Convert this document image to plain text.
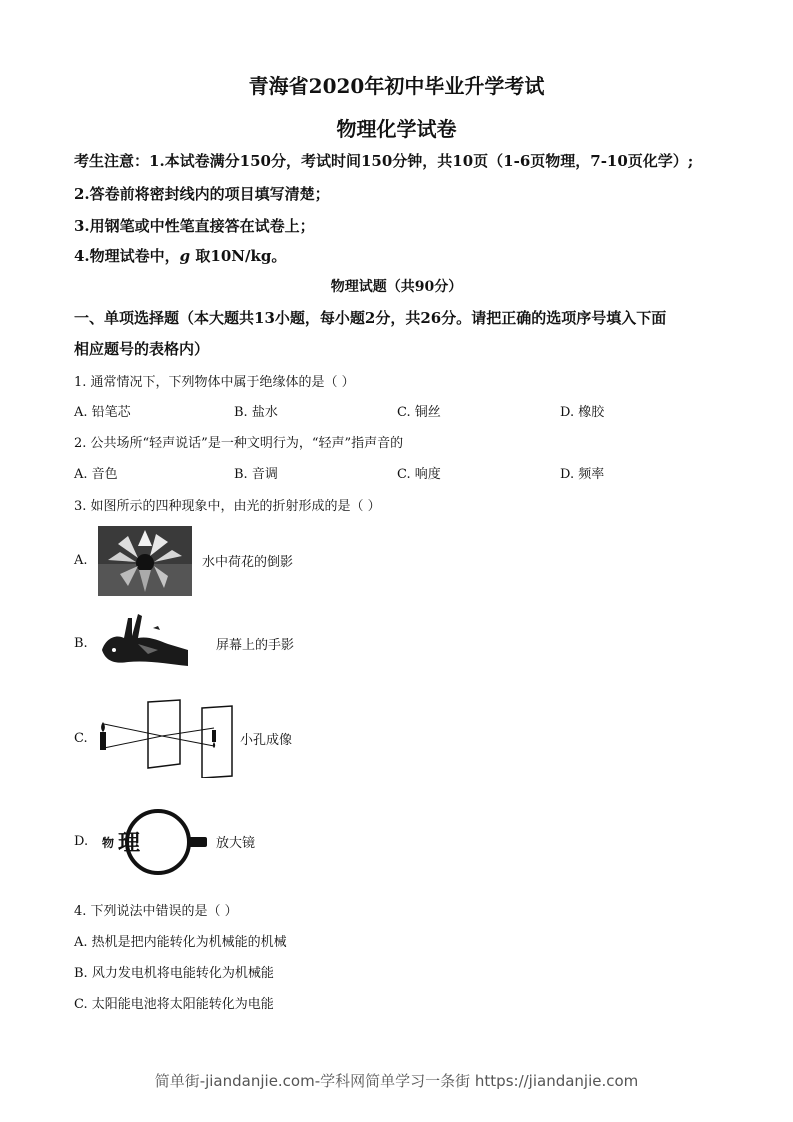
青海省2020年初中毕业升学考试
物理化学试卷
考生注意：1.本试卷满分150分，考试时间150分钟，共10页（1-6页物理，7-10页化学）;
2.答卷前将密封线内的项目填写清楚；
3.用钢笔或中性笔直接答在试卷上；
4.物理试卷中，g 取10N/kg。
物理试题（共90分）
一、单项选择题（本大题共13小题，每小题2分，共26分。请把正确的选项序号填入下面
相应题号的表格内）
1. 通常情况下，下列物体中属于绝缘体的是（ ）
A. 铅笔芯	B. 盐水	C. 铜丝	D. 橡胶
2. 公共场所“轻声说话”是一种文明行为，“轻声”指声音的
A. 音色	B. 音调	C. 响度	D. 频率
3. 如图所示的四种现象中，由光的折射形成的是（ ）
A.	水中荷花的倒影
B.	屏幕上的手影
C.	小孔成像
D. 物 理	放大镜
4. 下列说法中错误的是（ ）
A. 热机是把内能转化为机械能的机械
B. 风力发电机将电能转化为机械能
C. 太阳能电池将太阳能转化为电能
简单街-jiandanjie.com-学科网简单学习一条街 https://jiandanjie.com
